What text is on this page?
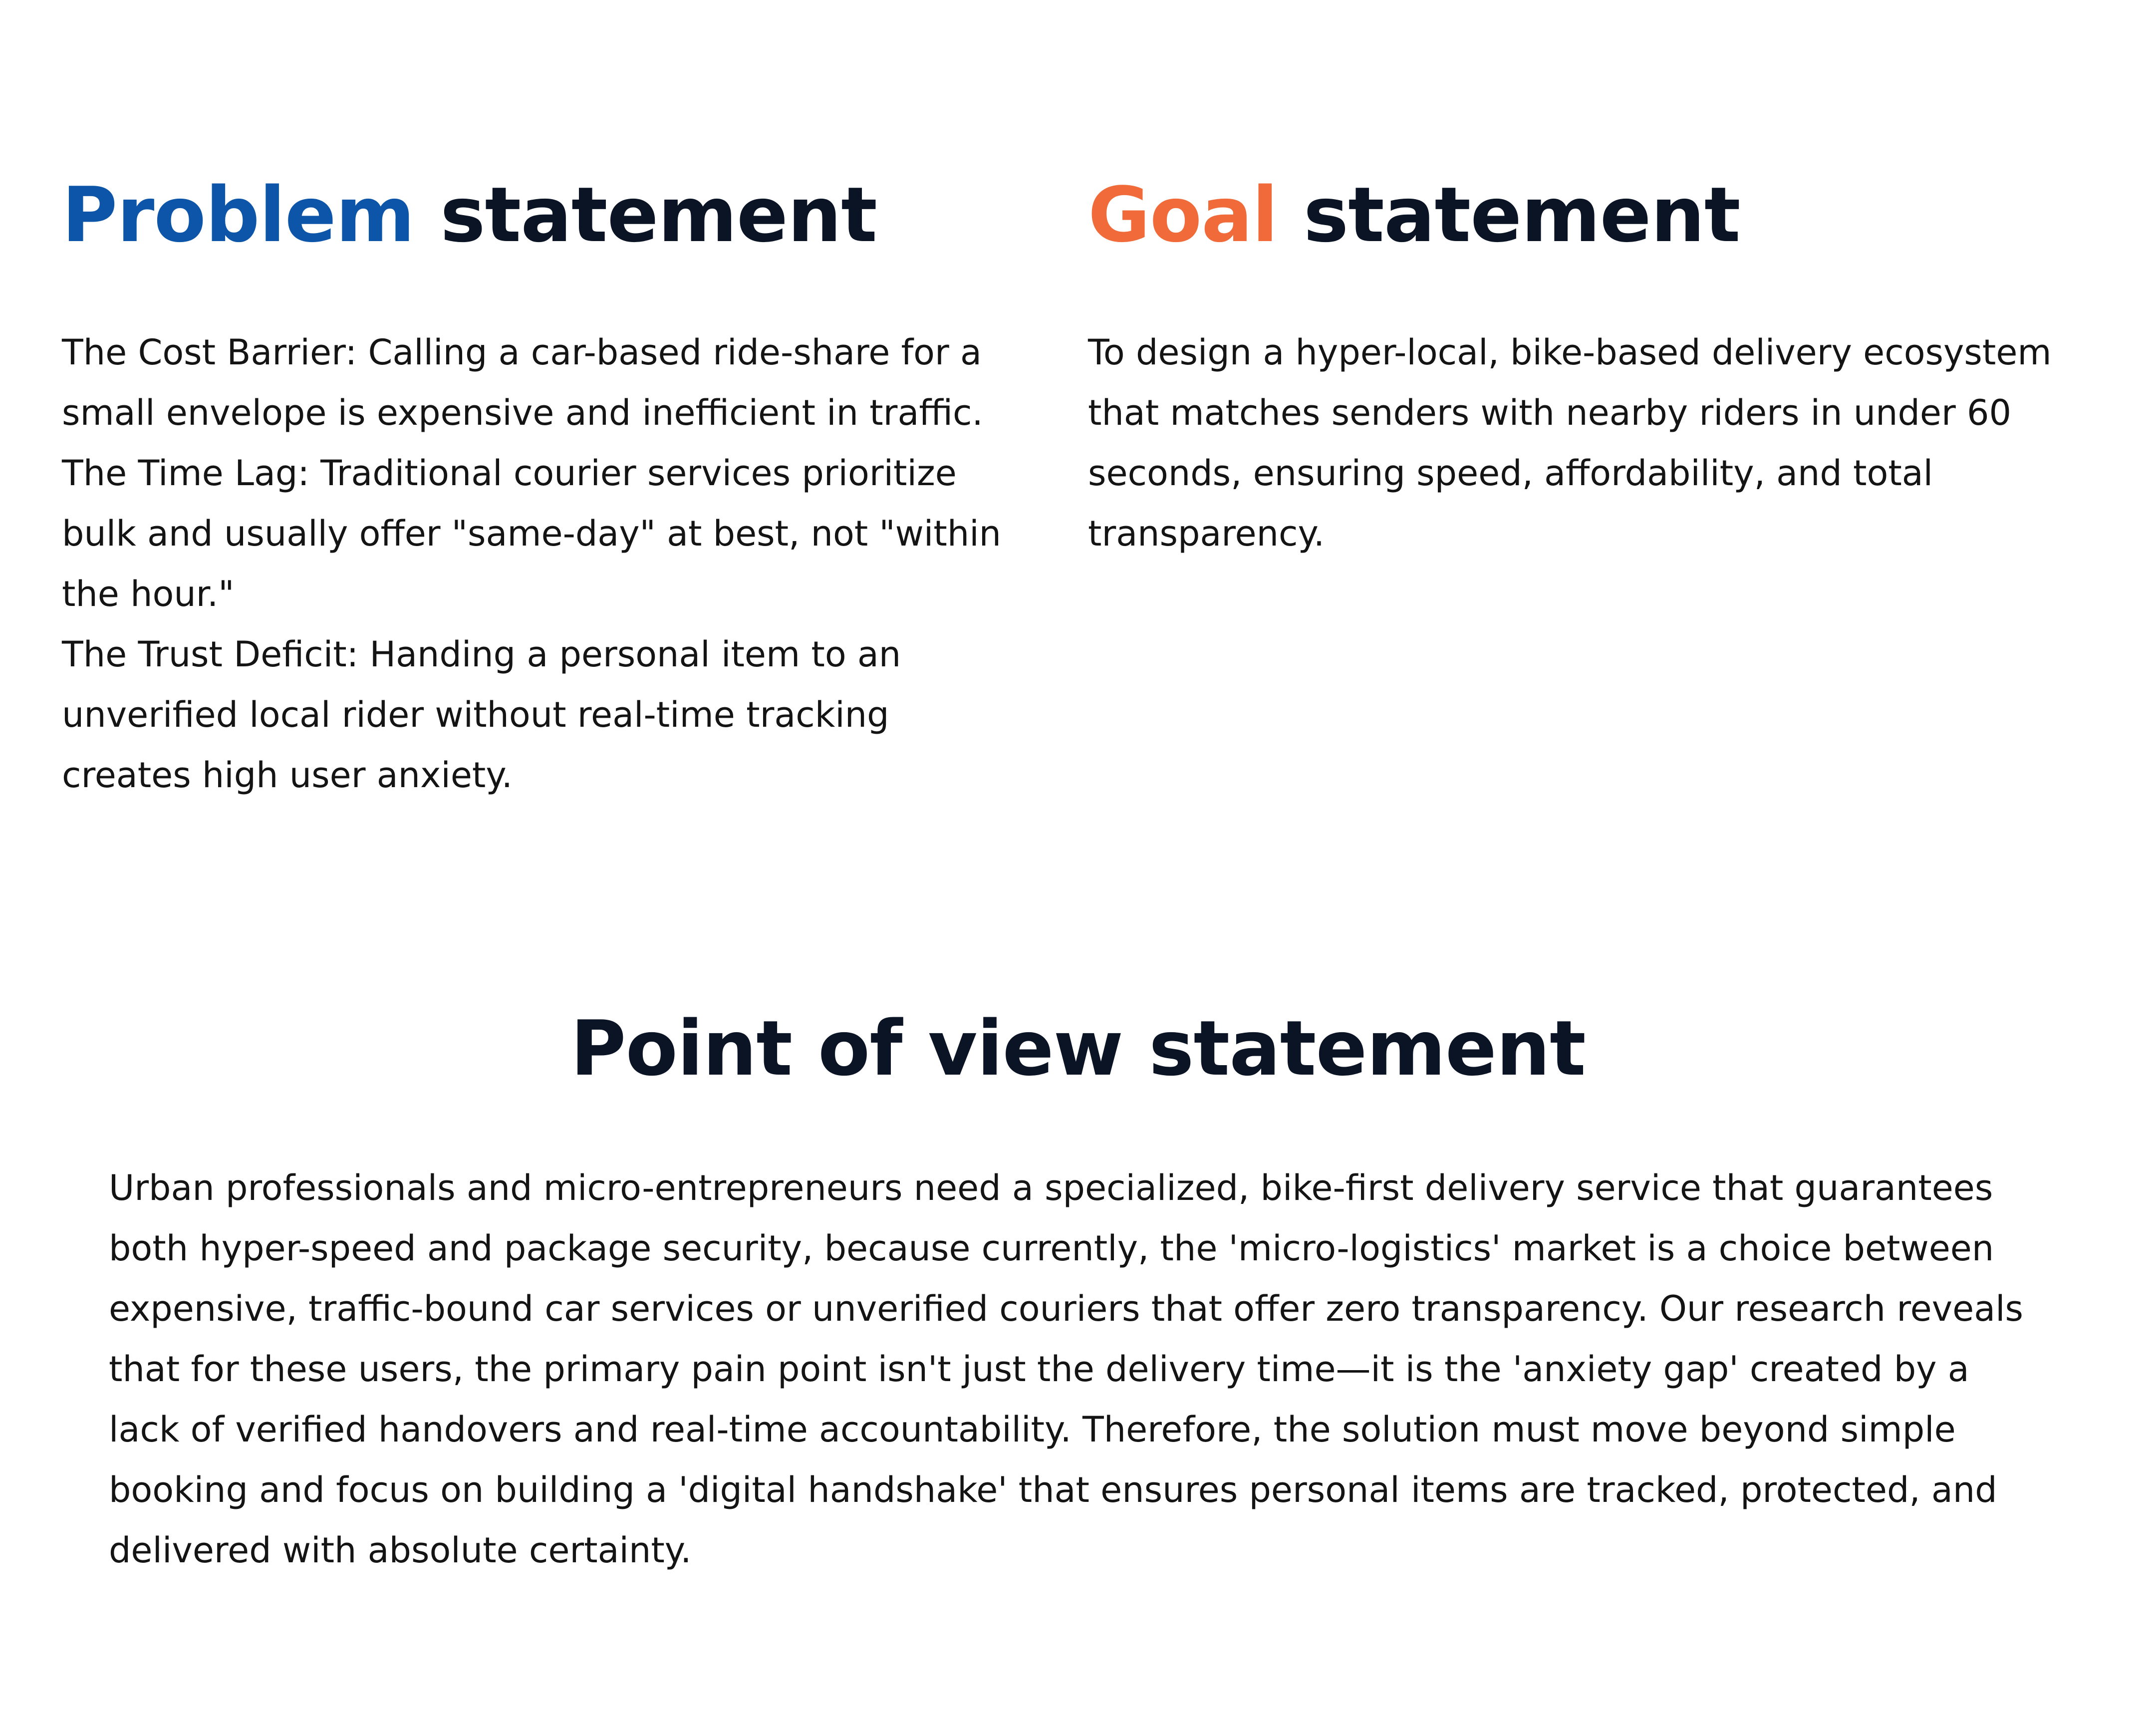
Problem statement

The Cost Barrier: Calling a car-based ride-share for a
small envelope is expensive and inefficient in traffic.
The Time Lag: Traditional courier services prioritize
bulk and usually offer "same-day" at best, not "within
the hour."
The Trust Deficit: Handing a personal item to an
unverified local rider without real-time tracking
creates high user anxiety.

Goal statement

To design a hyper-local, bike-based delivery ecosystem
that matches senders with nearby riders in under 60
seconds, ensuring speed, affordability, and total
transparency.

Point of view statement

Urban professionals and micro-entrepreneurs need a specialized, bike-first delivery service that guarantees
both hyper-speed and package security, because currently, the 'micro-logistics' market is a choice between
expensive, traffic-bound car services or unverified couriers that offer zero transparency. Our research reveals
that for these users, the primary pain point isn't just the delivery time—it is the 'anxiety gap' created by a
lack of verified handovers and real-time accountability. Therefore, the solution must move beyond simple
booking and focus on building a 'digital handshake' that ensures personal items are tracked, protected, and
delivered with absolute certainty.
